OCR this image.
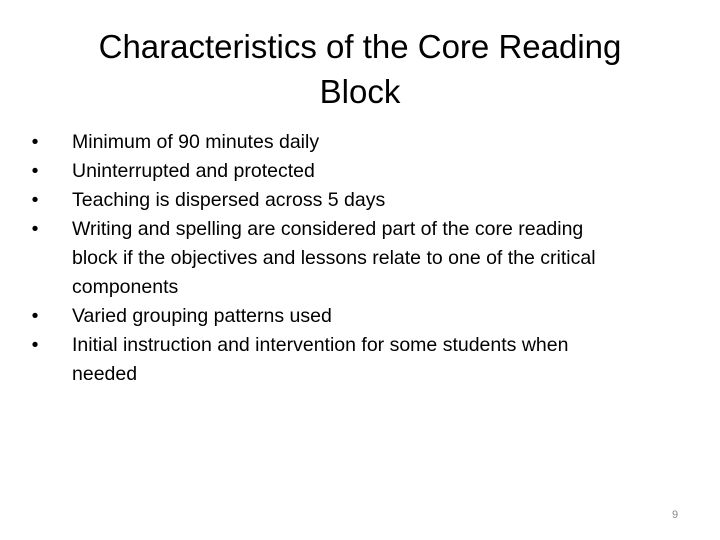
Characteristics of the Core Reading
Block
• Minimum of 90 minutes daily
• Uninterrupted and protected
• Teaching is dispersed across 5 days
• Writing and spelling are considered part of the core reading
block if the objectives and lessons relate to one of the critical
components
• Varied grouping patterns used
• Initial instruction and intervention for some students when
needed
9
